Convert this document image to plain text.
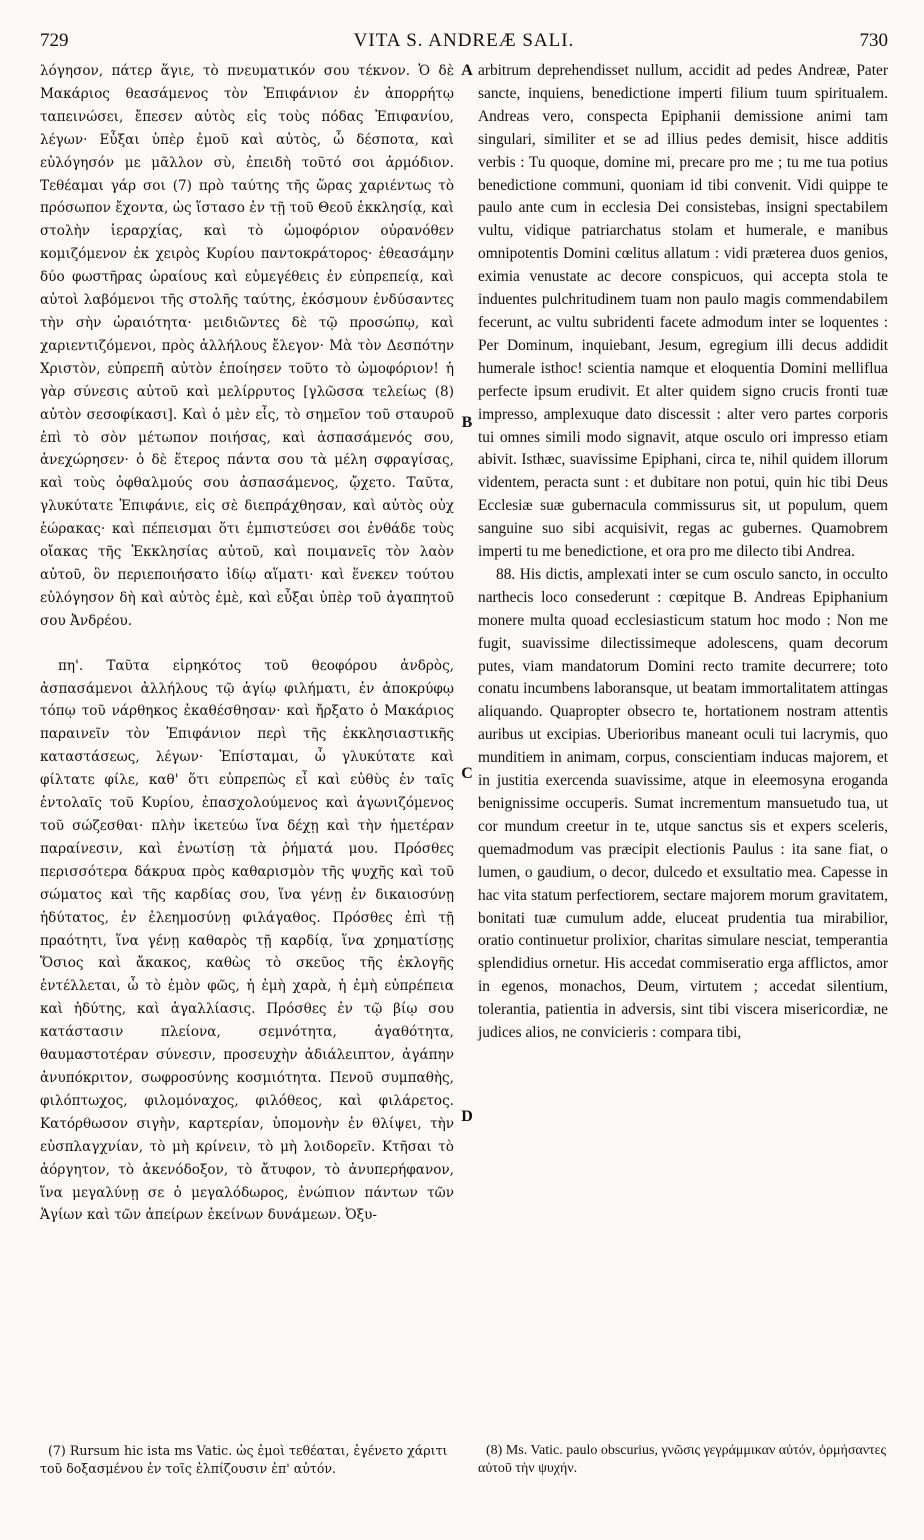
729	VITA S. ANDREÆ SALI.	730

λόγησον, πάτερ ἅγιε, τὸ πνευματικόν σου τέκνον. Ὁ δὲ Μακάριος θεασάμενος τὸν Ἐπιφάνιον ἐν ἀπορρήτῳ ταπεινώσει, ἔπεσεν αὐτὸς εἰς τοὺς πόδας Ἐπιφανίου, λέγων· Εὖξαι ὑπὲρ ἐμοῦ καὶ αὐτὸς, ὦ δέσποτα, καὶ εὐλόγησόν με μᾶλλον σὺ, ἐπειδὴ τοῦτό σοι ἁρμόδιον. Τεθέαμαι γάρ σοι (7) πρὸ ταύτης τῆς ὥρας χαριέντως τὸ πρόσωπον ἔχοντα, ὡς ἵστασο ἐν τῇ τοῦ Θεοῦ ἐκκλησίᾳ, καὶ στολὴν ἱεραρχίας, καὶ τὸ ὠμοφόριον οὐρανόθεν κομιζόμενον ἐκ χειρὸς Κυρίου παντοκράτορος· ἐθεασάμην δύο φωστῆρας ὡραίους καὶ εὐμεγέθεις ἐν εὐπρεπείᾳ, καὶ αὐτοὶ λαβόμενοι τῆς στολῆς ταύτης, ἐκόσμουν ἐνδύσαντες τὴν σὴν ὡραιότητα· μειδιῶντες δὲ τῷ προσώπῳ, καὶ χαριεντιζόμενοι, πρὸς ἀλλήλους ἔλεγον· Μὰ τὸν Δεσπότην Χριστὸν, εὐπρεπῆ αὐτὸν ἐποίησεν τοῦτο τὸ ὠμοφόριον! ἡ γὰρ σύνεσις αὐτοῦ καὶ μελίρρυτος [γλῶσσα τελείως (8) αὐτὸν σεσοφίκασι]. Καὶ ὁ μὲν εἷς, τὸ σημεῖον τοῦ σταυροῦ ἐπὶ τὸ σὸν μέτωπον ποιήσας, καὶ ἀσπασάμενός σου, ἀνεχώρησεν· ὁ δὲ ἕτερος πάντα σου τὰ μέλη σφραγίσας, καὶ τοὺς ὀφθαλμούς σου ἀσπασάμενος, ᾤχετο. Ταῦτα, γλυκύτατε Ἐπιφάνιε, εἰς σὲ διεπράχθησαν, καὶ αὐτὸς οὐχ ἑώρακας· καὶ πέπεισμαι ὅτι ἐμπιστεύσει σοι ἐνθάδε τοὺς οἴακας τῆς Ἐκκλησίας αὐτοῦ, καὶ ποιμανεῖς τὸν λαὸν αὐτοῦ, ὃν περιεποιήσατο ἰδίῳ αἵματι· καὶ ἕνεκεν τούτου εὐλόγησον δὴ καὶ αὐτὸς ἐμὲ, καὶ εὖξαι ὑπὲρ τοῦ ἀγαπητοῦ σου Ἀνδρέου.

πη'. Ταῦτα εἰρηκότος τοῦ θεοφόρου ἀνδρὸς, ἀσπασάμενοι ἀλλήλους τῷ ἁγίῳ φιλήματι, ἐν ἀποκρύφῳ τόπῳ τοῦ νάρθηκος ἐκαθέσθησαν· καὶ ἤρξατο ὁ Μακάριος παραινεῖν τὸν Ἐπιφάνιον περὶ τῆς ἐκκλησιαστικῆς καταστάσεως, λέγων· Ἐπίσταμαι, ὦ γλυκύτατε καὶ φίλτατε φίλε, καθ' ὅτι εὐπρεπὼς εἶ καὶ εὐθὺς ἐν ταῖς ἐντολαῖς τοῦ Κυρίου, ἐπασχολούμενος καὶ ἀγωνιζόμενος τοῦ σώζεσθαι· πλὴν ἱκετεύω ἵνα δέχῃ καὶ τὴν ἡμετέραν παραίνεσιν, καὶ ἐνωτίσῃ τὰ ῥήματά μου. Πρόσθες περισσότερα δάκρυα πρὸς καθαρισμὸν τῆς ψυχῆς καὶ τοῦ σώματος καὶ τῆς καρδίας σου, ἵνα γένῃ ἐν δικαιοσύνῃ ἡδύτατος, ἐν ἐλεημοσύνῃ φιλάγαθος. Πρόσθες ἐπὶ τῇ πραότητι, ἵνα γένῃ καθαρὸς τῇ καρδίᾳ, ἵνα χρηματίσῃς Ὅσιος καὶ ἄκακος, καθὼς τὸ σκεῦος τῆς ἐκλογῆς ἐντέλλεται, ὦ τὸ ἐμὸν φῶς, ἡ ἐμὴ χαρὰ, ἡ ἐμὴ εὐπρέπεια καὶ ἡδύτης, καὶ ἀγαλλίασις. Πρόσθες ἐν τῷ βίῳ σου κατάστασιν πλείονα, σεμνότητα, ἀγαθότητα, θαυμαστοτέραν σύνεσιν, προσευχὴν ἀδιάλειπτον, ἀγάπην ἀνυπόκριτον, σωφροσύνης κοσμιότητα. Πενοῦ συμπαθὴς, φιλόπτωχος, φιλομόναχος, φιλόθεος, καὶ φιλάρετος. Κατόρθωσον σιγὴν, καρτερίαν, ὑπομονὴν ἐν θλίψει, τὴν εὐσπλαγχνίαν, τὸ μὴ κρίνειν, τὸ μὴ λοιδορεῖν. Κτῆσαι τὸ ἀόργητον, τὸ ἀκενόδοξον, τὸ ἄτυφον, τὸ ἀνυπερήφανον, ἵνα μεγαλύνῃ σε ὁ μεγαλόδωρος, ἐνώπιον πάντων τῶν Ἁγίων καὶ τῶν ἀπείρων ἐκείνων δυνάμεων. Ὀξυ-

arbitrum deprehendisset nullum, accidit ad pedes Andreæ, Pater sancte, inquiens, benedictione imperti filium tuum spiritualem. Andreas vero, conspecta Epiphanii demissione animi tam singulari, similiter et se ad illius pedes demisit, hisce additis verbis : Tu quoque, domine mi, precare pro me ; tu me tua potius benedictione communi, quoniam id tibi convenit. Vidi quippe te paulo ante cum in ecclesia Dei consistebas, insigni spectabilem vultu, vidique patriarchatus stolam et humerale, e manibus omnipotentis Domini cœlitus allatum : vidi præterea duos genios, eximia venustate ac decore conspicuos, qui accepta stola te induentes pulchritudinem tuam non paulo magis commendabilem fecerunt, ac vultu subridenti facete admodum inter se loquentes : Per Dominum, inquiebant, Jesum, egregium illi decus addidit humerale isthoc! scientia namque et eloquentia Domini melliflua perfecte ipsum erudivit. Et alter quidem signo crucis fronti tuæ impresso, amplexuque dato discessit : alter vero partes corporis tui omnes simili modo signavit, atque osculo ori impresso etiam abivit. Isthæc, suavissime Epiphani, circa te, nihil quidem illorum videntem, peracta sunt : et dubitare non potui, quin hic tibi Deus Ecclesiæ suæ gubernacula commissurus sit, ut populum, quem sanguine suo sibi acquisivit, regas ac gubernes. Quamobrem imperti tu me benedictione, et ora pro me dilecto tibi Andrea.

88. His dictis, amplexati inter se cum osculo sancto, in occulto narthecis loco consederunt : cœpitque B. Andreas Epiphanium monere multa quoad ecclesiasticum statum hoc modo : Non me fugit, suavissime dilectissimeque adolescens, quam decorum putes, viam mandatorum Domini recto tramite decurrere; toto conatu incumbens laboransque, ut beatam immortalitatem attingas aliquando. Quapropter obsecro te, hortationem nostram attentis auribus ut excipias. Uberioribus maneant oculi tui lacrymis, quo munditiem in animam, corpus, conscientiam inducas majorem, et in justitia exercenda suavissime, atque in eleemosyna eroganda benignissime occuperis. Sumat incrementum mansuetudo tua, ut cor mundum creetur in te, utque sanctus sis et expers sceleris, quemadmodum vas præcipit electionis Paulus : ita sane fiat, o lumen, o gaudium, o decor, dulcedo et exsultatio mea. Capesse in hac vita statum perfectiorem, sectare majorem morum gravitatem, bonitati tuæ cumulum adde, eluceat prudentia tua mirabilior, oratio continuetur prolixior, charitas simulare nesciat, temperantia splendidius ornetur. His accedat commiseratio erga afflictos, amor in egenos, monachos, Deum, virtutem ; accedat silentium, tolerantia, patientia in adversis, sint tibi viscera misericordiæ, ne judices alios, ne convicieris : compara tibi,

A
B
C
D
(7) Rursum hic ista ms Vatic. ὡς ἐμοὶ τεθέαται, ἐγένετο χάριτι τοῦ δοξασμένου ἐν τοῖς ἐλπίζουσιν ἐπ' αὐτόν.
(8) Ms. Vatic. paulo obscurius, γνῶσις γεγράμμικαν αὐτόν, ὁρμήσαντες αὐτοῦ τὴν ψυχήν.
